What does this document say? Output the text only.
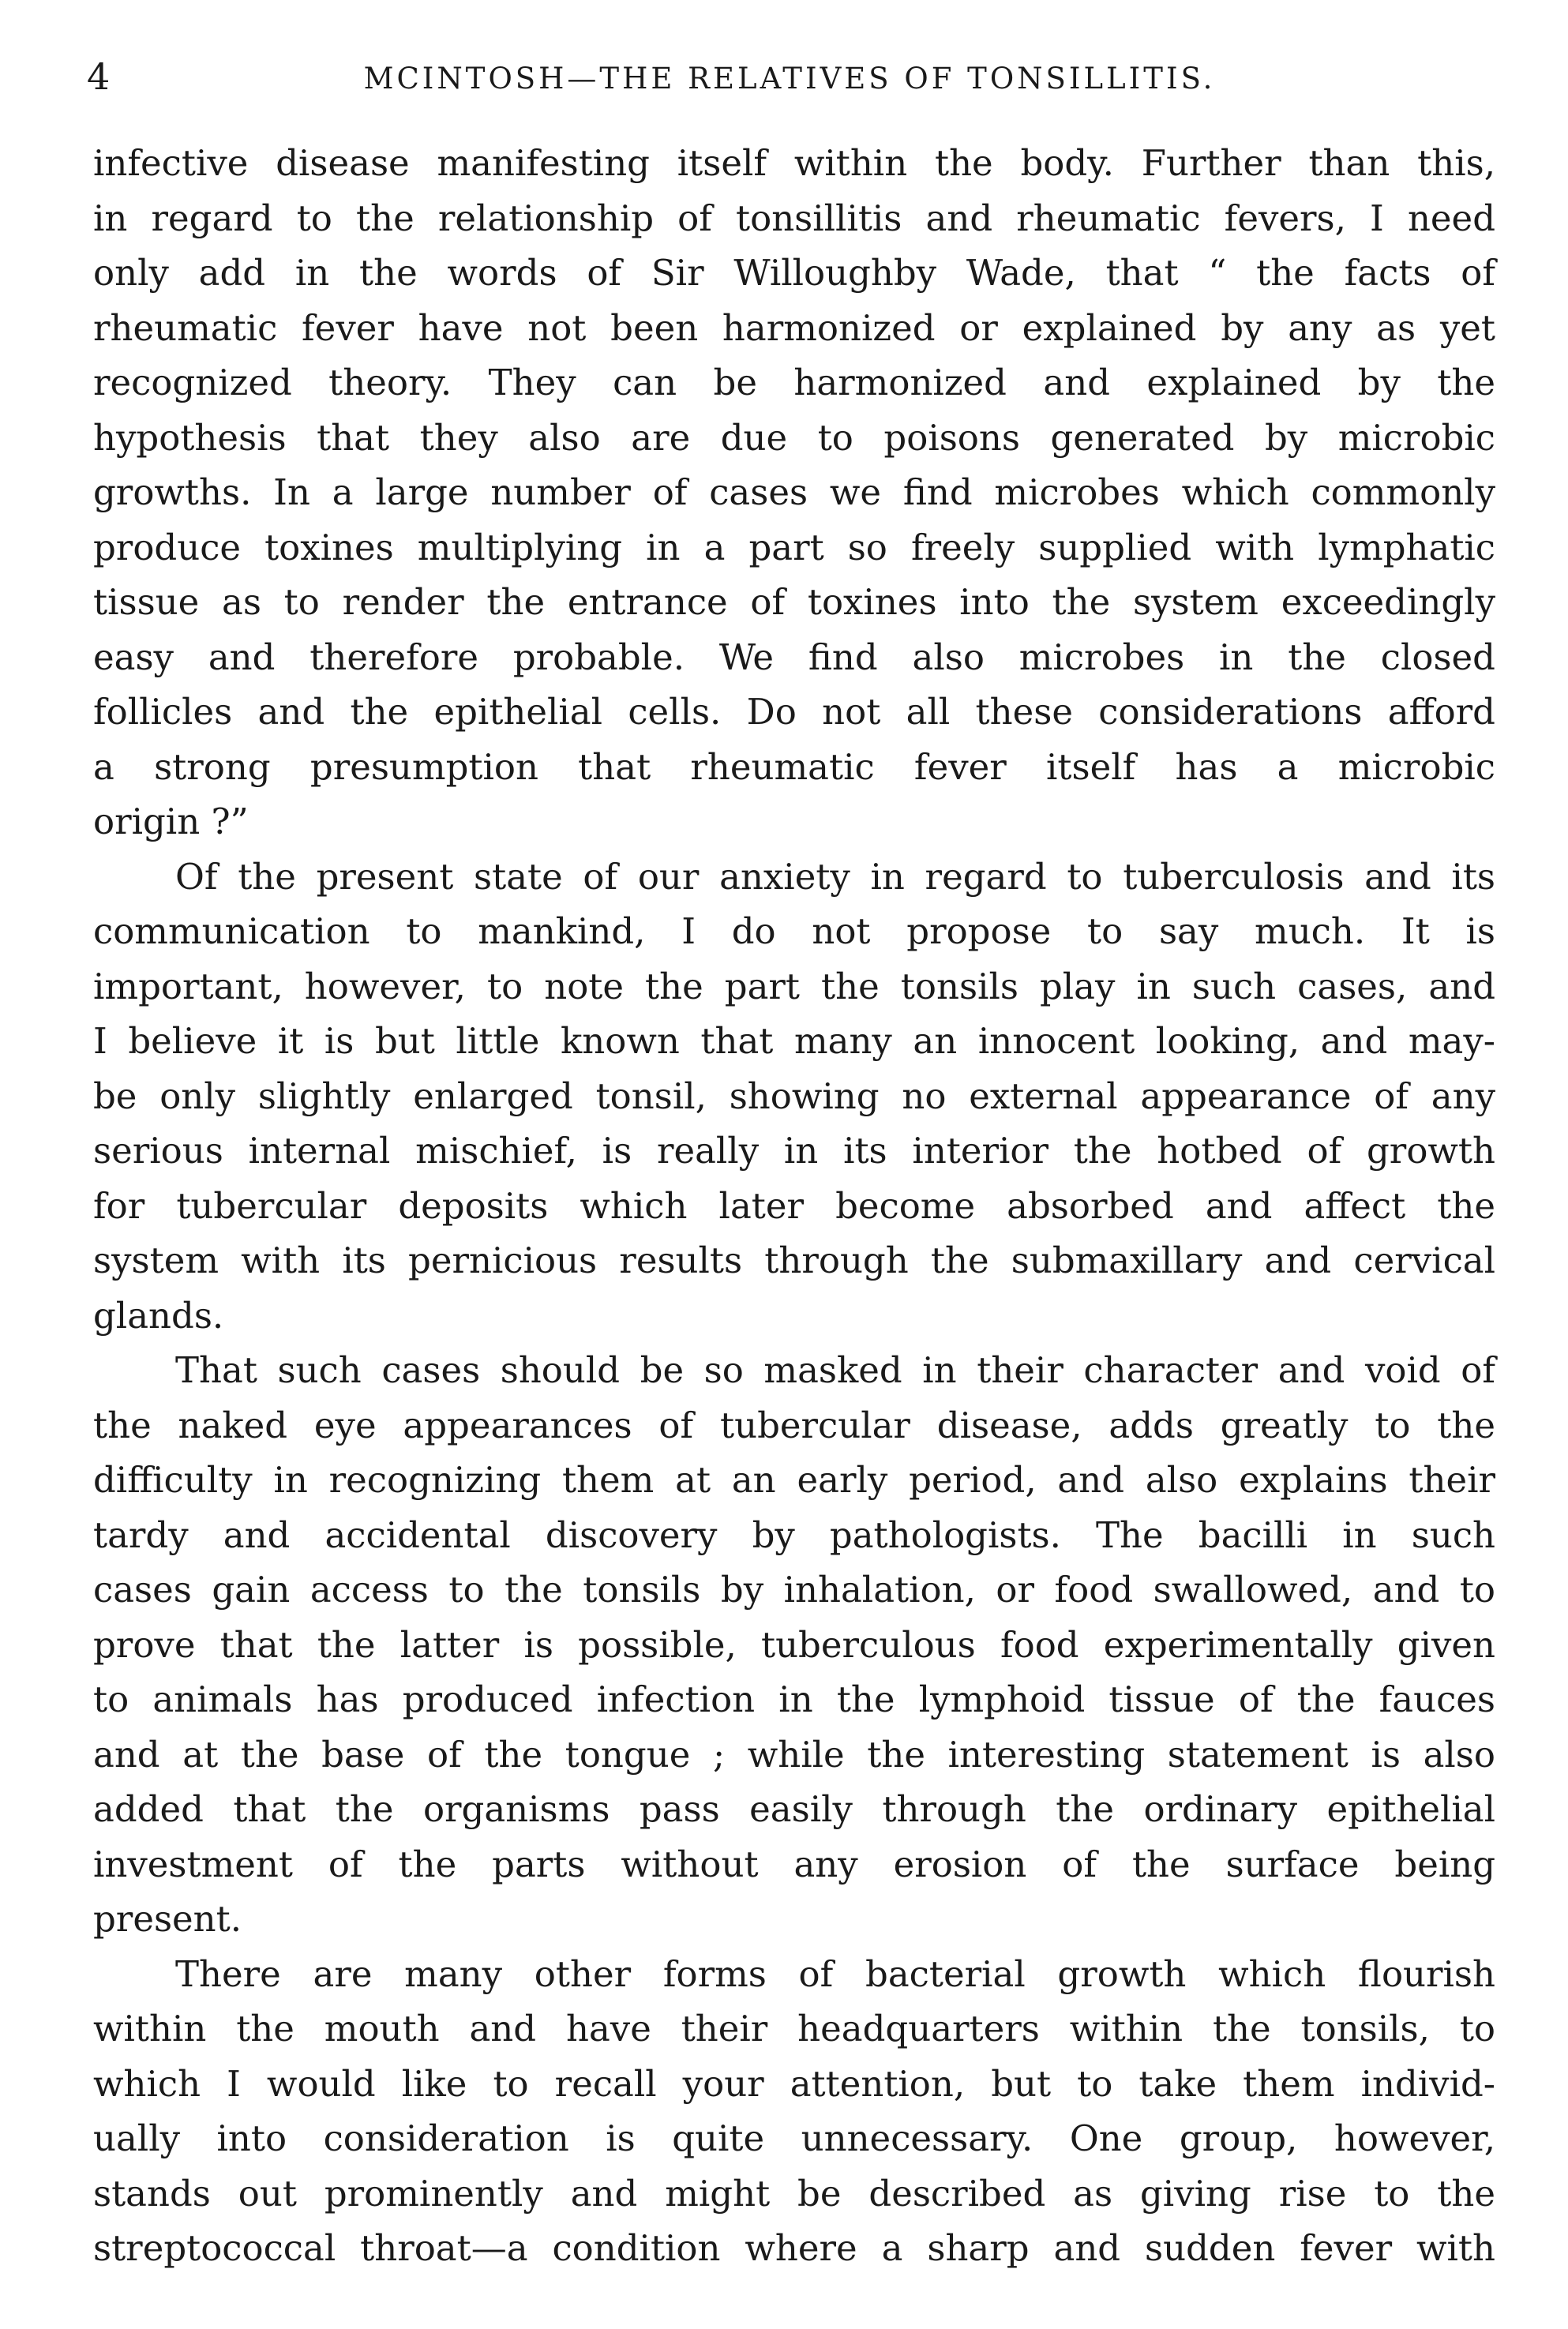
4	MCINTOSH—THE RELATIVES OF TONSILLITIS.
infective disease manifesting itself within the body. Further than this,
in regard to the relationship of tonsillitis and rheumatic fevers, I need
only add in the words of Sir Willoughby Wade, that “ the facts of
rheumatic fever have not been harmonized or explained by any as yet
recognized theory. They can be harmonized and explained by the
hypothesis that they also are due to poisons generated by microbic
growths. In a large number of cases we find microbes which commonly
produce toxines multiplying in a part so freely supplied with lymphatic
tissue as to render the entrance of toxines into the system exceedingly
easy and therefore probable. We find also microbes in the closed
follicles and the epithelial cells. Do not all these considerations afford
a strong presumption that rheumatic fever itself has a microbic
origin ?”
Of the present state of our anxiety in regard to tuberculosis and its
communication to mankind, I do not propose to say much. It is
important, however, to note the part the tonsils play in such cases, and
I believe it is but little known that many an innocent looking, and may-
be only slightly enlarged tonsil, showing no external appearance of any
serious internal mischief, is really in its interior the hotbed of growth
for tubercular deposits which later become absorbed and affect the
system with its pernicious results through the submaxillary and cervical
glands.
That such cases should be so masked in their character and void of
the naked eye appearances of tubercular disease, adds greatly to the
difficulty in recognizing them at an early period, and also explains their
tardy and accidental discovery by pathologists. The bacilli in such
cases gain access to the tonsils by inhalation, or food swallowed, and to
prove that the latter is possible, tuberculous food experimentally given
to animals has produced infection in the lymphoid tissue of the fauces
and at the base of the tongue ; while the interesting statement is also
added that the organisms pass easily through the ordinary epithelial
investment of the parts without any erosion of the surface being
present.
There are many other forms of bacterial growth which flourish
within the mouth and have their headquarters within the tonsils, to
which I would like to recall your attention, but to take them individ-
ually into consideration is quite unnecessary. One group, however,
stands out prominently and might be described as giving rise to the
streptococcal throat—a condition where a sharp and sudden fever with
